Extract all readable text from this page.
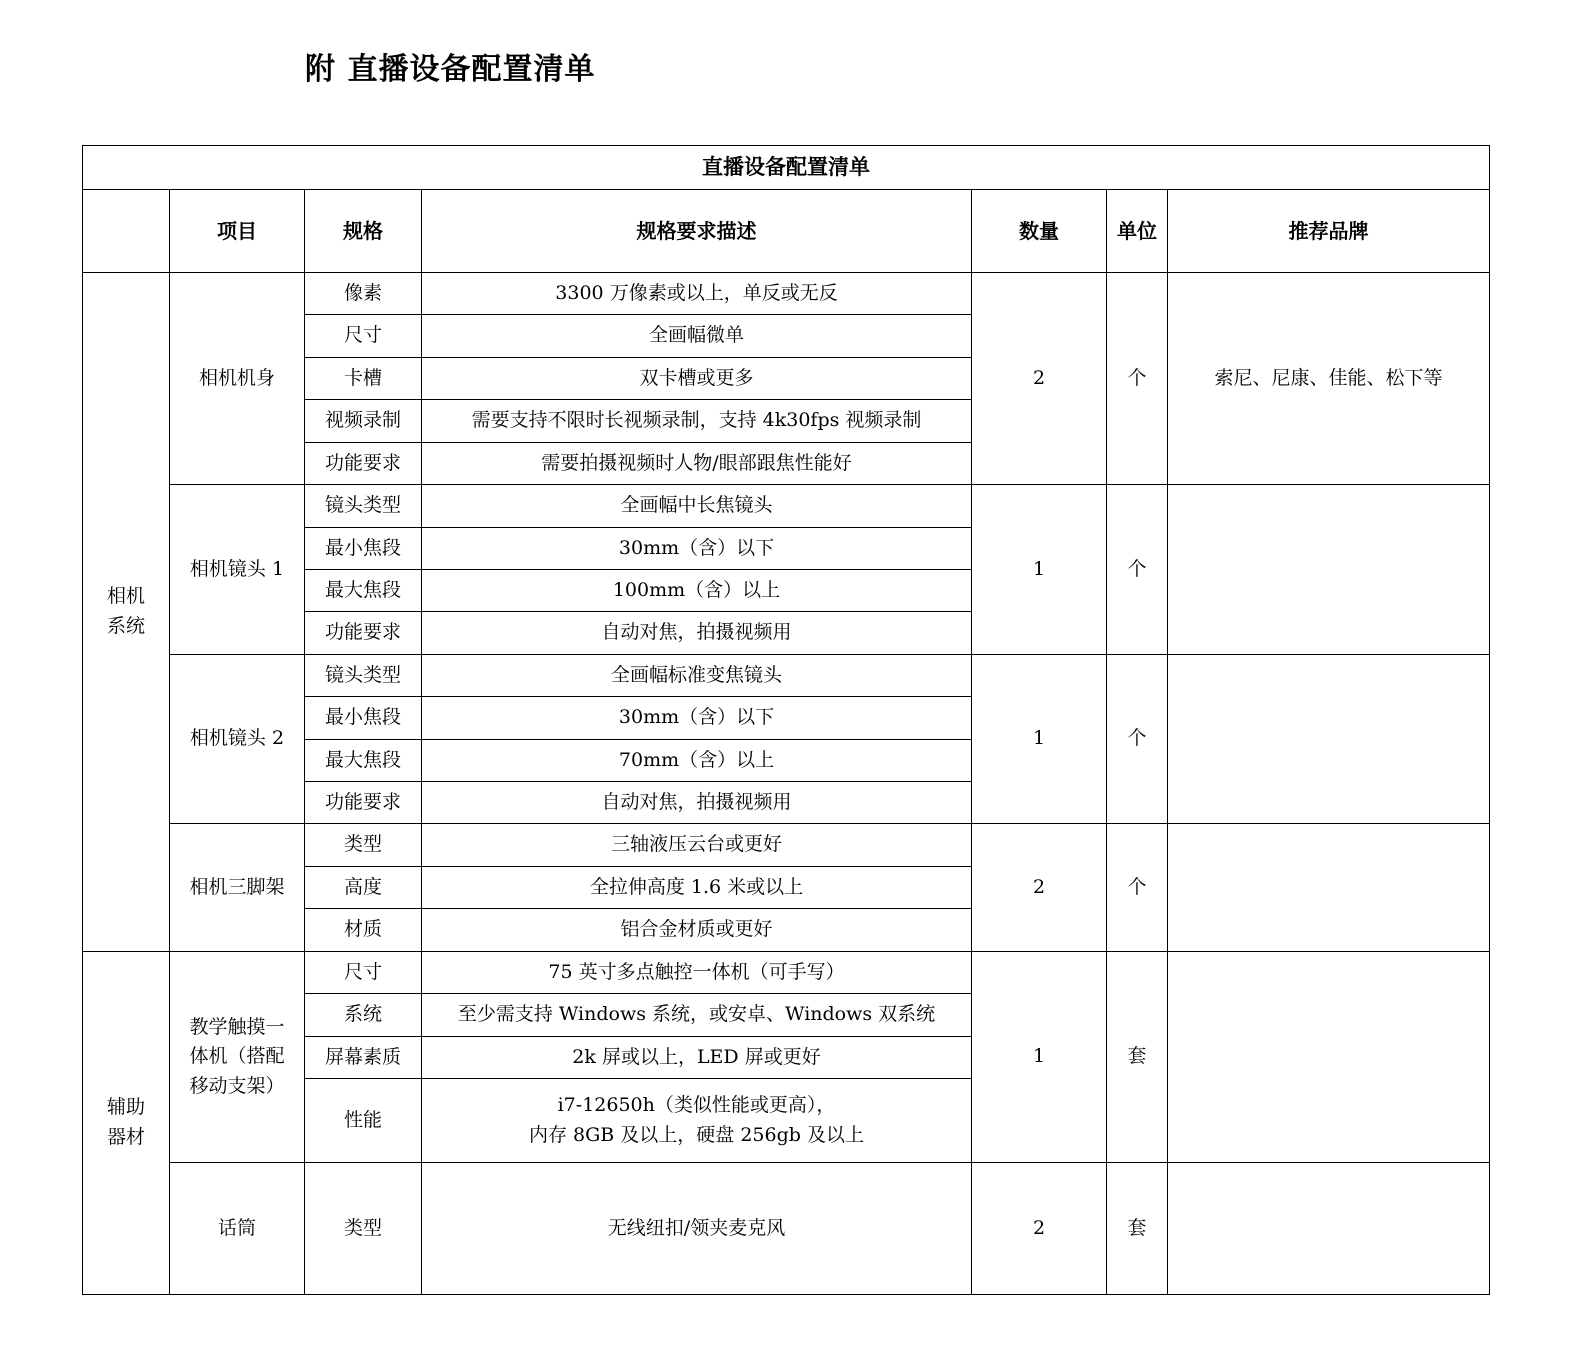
附 直播设备配置清单
直播设备配置清单						
	项目	规格	规格要求描述	数量	单位	推荐品牌
相机系统	相机机身	像素	3300 万像素或以上，单反或无反	2	个	索尼、尼康、佳能、松下等
		尺寸	全画幅微单			
		卡槽	双卡槽或更多			
		视频录制	需要支持不限时长视频录制，支持 4k30fps 视频录制			
		功能要求	需要拍摄视频时人物/眼部跟焦性能好			
	相机镜头 1	镜头类型	全画幅中长焦镜头	1	个	
		最小焦段	30mm（含）以下			
		最大焦段	100mm（含）以上			
		功能要求	自动对焦，拍摄视频用			
	相机镜头 2	镜头类型	全画幅标准变焦镜头	1	个	
		最小焦段	30mm（含）以下			
		最大焦段	70mm（含）以上			
		功能要求	自动对焦，拍摄视频用			
	相机三脚架	类型	三轴液压云台或更好	2	个	
		高度	全拉伸高度 1.6 米或以上			
		材质	铝合金材质或更好			
辅助器材	教学触摸一体机（搭配移动支架）	尺寸	75 英寸多点触控一体机（可手写）	1	套	
		系统	至少需支持 Windows 系统，或安卓、Windows 双系统			
		屏幕素质	2k 屏或以上，LED 屏或更好			
		性能	i7-12650h（类似性能或更高），
内存 8GB 及以上，硬盘 256gb 及以上			
	话筒	类型	无线纽扣/领夹麦克风	2	套	
